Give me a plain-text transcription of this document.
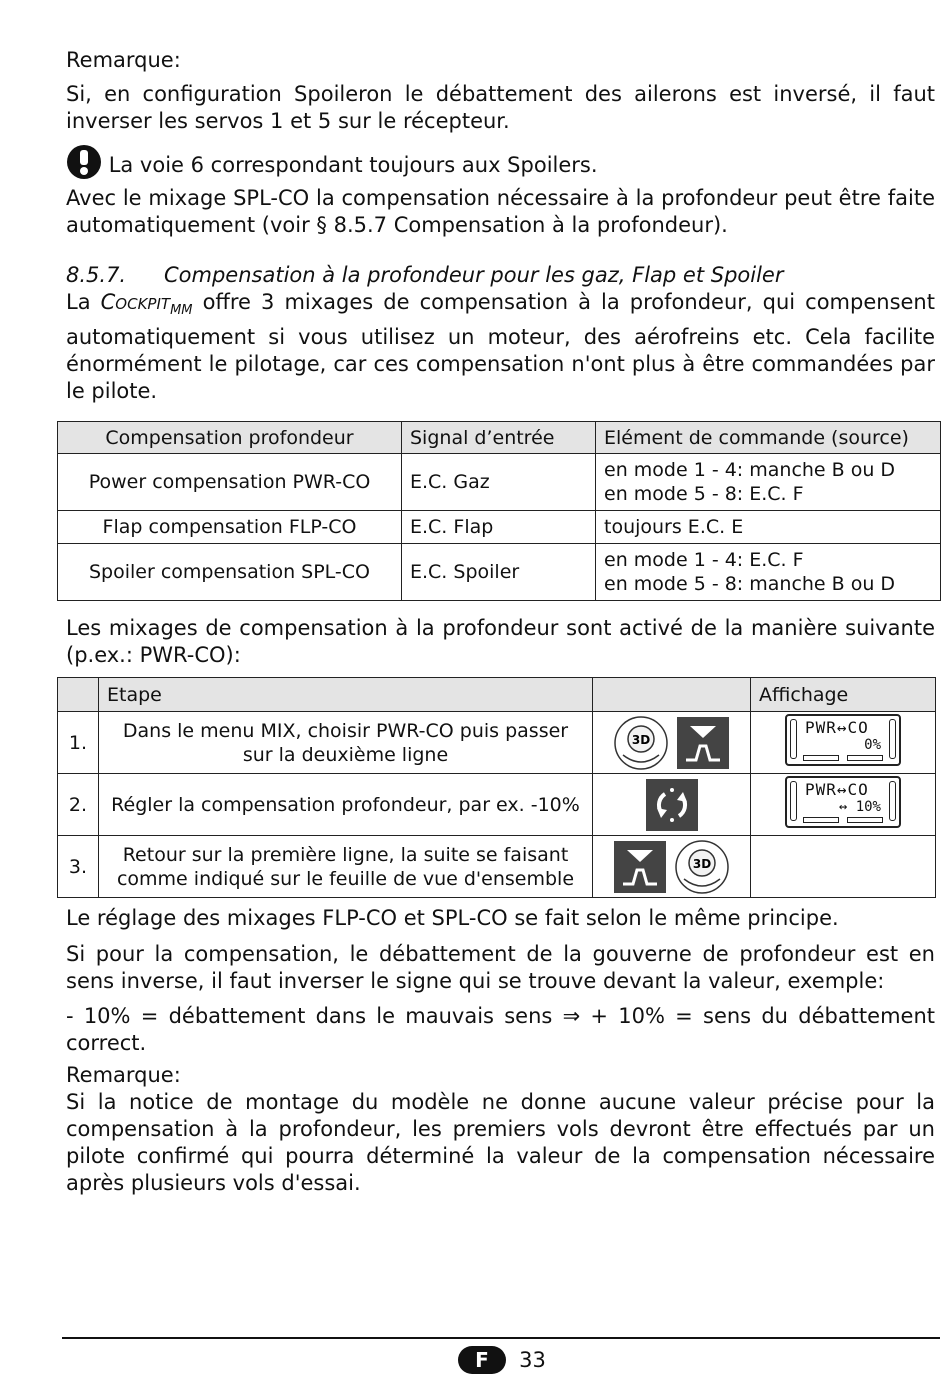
Remarque:

Si, en configuration Spoileron le débattement des ailerons est inversé, il faut inverser les servos 1 et 5 sur le récepteur.

La voie 6 correspondant toujours aux Spoilers.

Avec le mixage SPL-CO la compensation nécessaire à la profondeur peut être faite automatiquement (voir § 8.5.7 Compensation à la profondeur).

8.5.7. Compensation à la profondeur pour les gaz, Flap et Spoiler

La Cockpit$_{MM}$ offre 3 mixages de compensation à la profondeur, qui compensent automatiquement si vous utilisez un moteur, des aérofreins etc. Cela facilite énormément le pilotage, car ces compensation n'ont plus à être commandées par le pilote.

Compensation profondeur	Signal d’entrée	Elément de commande (source)
Power compensation PWR-CO	E.C. Gaz	en mode 1 - 4: manche B ou D
en mode 5 - 8: E.C. F
Flap compensation FLP-CO	E.C. Flap	toujours E.C. E
Spoiler compensation SPL-CO	E.C. Spoiler	en mode 1 - 4: E.C. F
en mode 5 - 8: manche B ou D

Les mixages de compensation à la profondeur sont activé de la manière suivante (p.ex.: PWR-CO):

	Etape		Affichage
1.	Dans le menu MIX, choisir PWR-CO puis passer sur la deuxième ligne	3D	PWR↔CO
0%

2.	Régler la compensation profondeur, par ex. -10%		PWR↔CO
↔ 10%

3.	Retour sur la première ligne, la suite se faisant comme indiqué sur le feuille de vue d'ensemble	3D	

Le réglage des mixages FLP-CO et SPL-CO se fait selon le même principe.

Si pour la compensation, le débattement de la gouverne de profondeur est en sens inverse, il faut inverser le signe qui se trouve devant la valeur, exemple:

- 10% = débattement dans le mauvais sens ⇒ + 10% = sens du débattement correct.

Remarque:

Si la notice de montage du modèle ne donne aucune valeur précise pour la compensation à la profondeur, les premiers vols devront être effectués par un pilote confirmé qui pourra déterminé la valeur de la compensation nécessaire après plusieurs vols d'essai.

F 33
